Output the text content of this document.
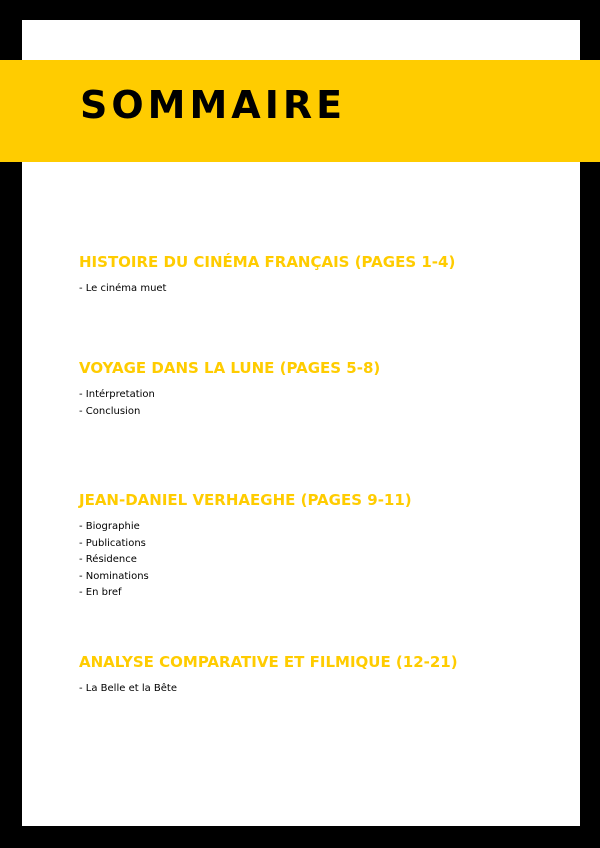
SOMMAIRE
HISTOIRE DU CINÉMA FRANÇAIS (PAGES 1-4)
- Le cinéma muet
VOYAGE DANS LA LUNE (PAGES 5-8)
- Intérpretation
- Conclusion
JEAN-DANIEL VERHAEGHE (PAGES 9-11)
- Biographie
- Publications
- Résidence
- Nominations
- En bref
ANALYSE COMPARATIVE ET FILMIQUE (12-21)
- La Belle et la Bête
